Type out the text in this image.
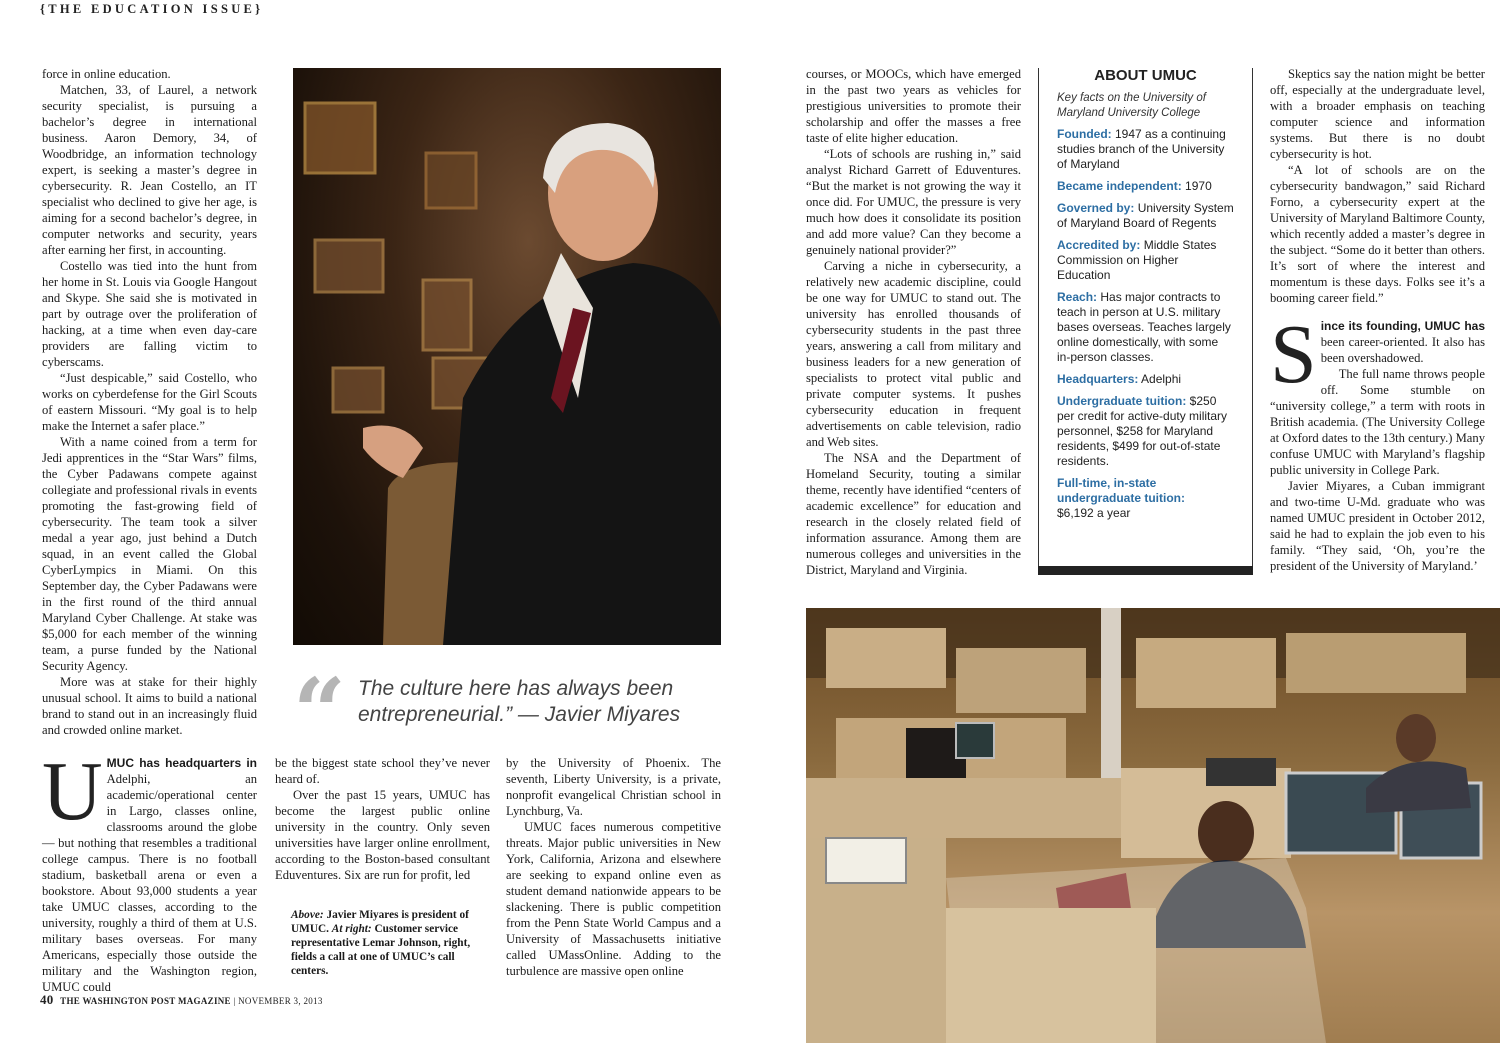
{THE EDUCATION ISSUE}

force in online education.

Matchen, 33, of Laurel, a network security specialist, is pursuing a bachelor’s degree in international business. Aaron Demory, 34, of Woodbridge, an information technology expert, is seeking a master’s degree in cybersecurity. R. Jean Costello, an IT specialist who declined to give her age, is aiming for a second bachelor’s degree, in computer networks and security, years after earning her first, in accounting.

Costello was tied into the hunt from her home in St. Louis via Google Hangout and Skype. She said she is motivated in part by outrage over the proliferation of hacking, at a time when even day-care providers are falling victim to cyberscams.

“Just despicable,” said Costello, who works on cyberdefense for the Girl Scouts of eastern Missouri. “My goal is to help make the Internet a safer place.”

With a name coined from a term for Jedi apprentices in the “Star Wars” films, the Cyber Padawans compete against collegiate and professional rivals in events promoting the fast-growing field of cybersecurity. The team took a silver medal a year ago, just behind a Dutch squad, in an event called the Global CyberLympics in Miami. On this September day, the Cyber Padawans were in the first round of the third annual Maryland Cyber Challenge. At stake was $5,000 for each member of the winning team, a purse funded by the National Security Agency.

More was at stake for their highly unusual school. It aims to build a national brand to stand out in an increasingly fluid and crowded online market.

U MUC has headquarters in Adelphi, an academic/operational center in Largo, classes online, classrooms around the globe — but nothing that resembles a traditional college campus. There is no football stadium, basketball arena or even a bookstore. About 93,000 students a year take UMUC classes, according to the university, roughly a third of them at U.S. military bases overseas. For many Americans, especially those outside the military and the Washington region, UMUC could

“ The culture here has always been entrepreneurial.” — Javier Miyares

be the biggest state school they’ve never heard of.

Over the past 15 years, UMUC has become the largest public online university in the country. Only seven universities have larger online enrollment, according to the Boston-based consultant Eduventures. Six are run for profit, led

Above: Javier Miyares is president of UMUC. At right: Customer service representative Lemar Johnson, right, fields a call at one of UMUC’s call centers.

by the University of Phoenix. The seventh, Liberty University, is a private, nonprofit evangelical Christian school in Lynchburg, Va.

UMUC faces numerous competitive threats. Major public universities in New York, California, Arizona and elsewhere are seeking to expand online even as student demand nationwide appears to be slackening. There is public competition from the Penn State World Campus and a University of Massachusetts initiative called UMassOnline. Adding to the turbulence are massive open online

40 THE WASHINGTON POST MAGAZINE | NOVEMBER 3, 2013

courses, or MOOCs, which have emerged in the past two years as vehicles for prestigious universities to promote their scholarship and offer the masses a free taste of elite higher education.

“Lots of schools are rushing in,” said analyst Richard Garrett of Eduventures. “But the market is not growing the way it once did. For UMUC, the pressure is very much how does it consolidate its position and add more value? Can they become a genuinely national provider?”

Carving a niche in cybersecurity, a relatively new academic discipline, could be one way for UMUC to stand out. The university has enrolled thousands of cybersecurity students in the past three years, answering a call from military and business leaders for a new generation of specialists to protect vital public and private computer systems. It pushes cybersecurity education in frequent advertisements on cable television, radio and Web sites.

The NSA and the Department of Homeland Security, touting a similar theme, recently have identified “centers of academic excellence” for education and research in the closely related field of information assurance. Among them are numerous colleges and universities in the District, Maryland and Virginia.

ABOUT UMUC
Key facts on the University of Maryland University College
Founded: 1947 as a continuing studies branch of the University of Maryland
Became independent: 1970
Governed by: University System of Maryland Board of Regents
Accredited by: Middle States Commission on Higher Education
Reach: Has major contracts to teach in person at U.S. military bases overseas. Teaches largely online domestically, with some in-person classes.
Headquarters: Adelphi
Undergraduate tuition: $250 per credit for active-duty military personnel, $258 for Maryland residents, $499 for out-of-state residents.
Full-time, in-state undergraduate tuition:
$6,192 a year

Skeptics say the nation might be better off, especially at the undergraduate level, with a broader emphasis on teaching computer science and information systems. But there is no doubt cybersecurity is hot.

“A lot of schools are on the cybersecurity bandwagon,” said Richard Forno, a cybersecurity expert at the University of Maryland Baltimore County, which recently added a master’s degree in the subject. “Some do it better than others. It’s sort of where the interest and momentum is these days. Folks see it’s a booming career field.”

S ince its founding, UMUC has been career-oriented. It also has been overshadowed.

The full name throws people off. Some stumble on “university college,” a term with roots in British academia. (The University College at Oxford dates to the 13th century.) Many confuse UMUC with Maryland’s flagship public university in College Park.

Javier Miyares, a Cuban immigrant and two-time U-Md. graduate who was named UMUC president in October 2012, said he had to explain the job even to his family. “They said, ‘Oh, you’re the president of the University of Maryland.’
